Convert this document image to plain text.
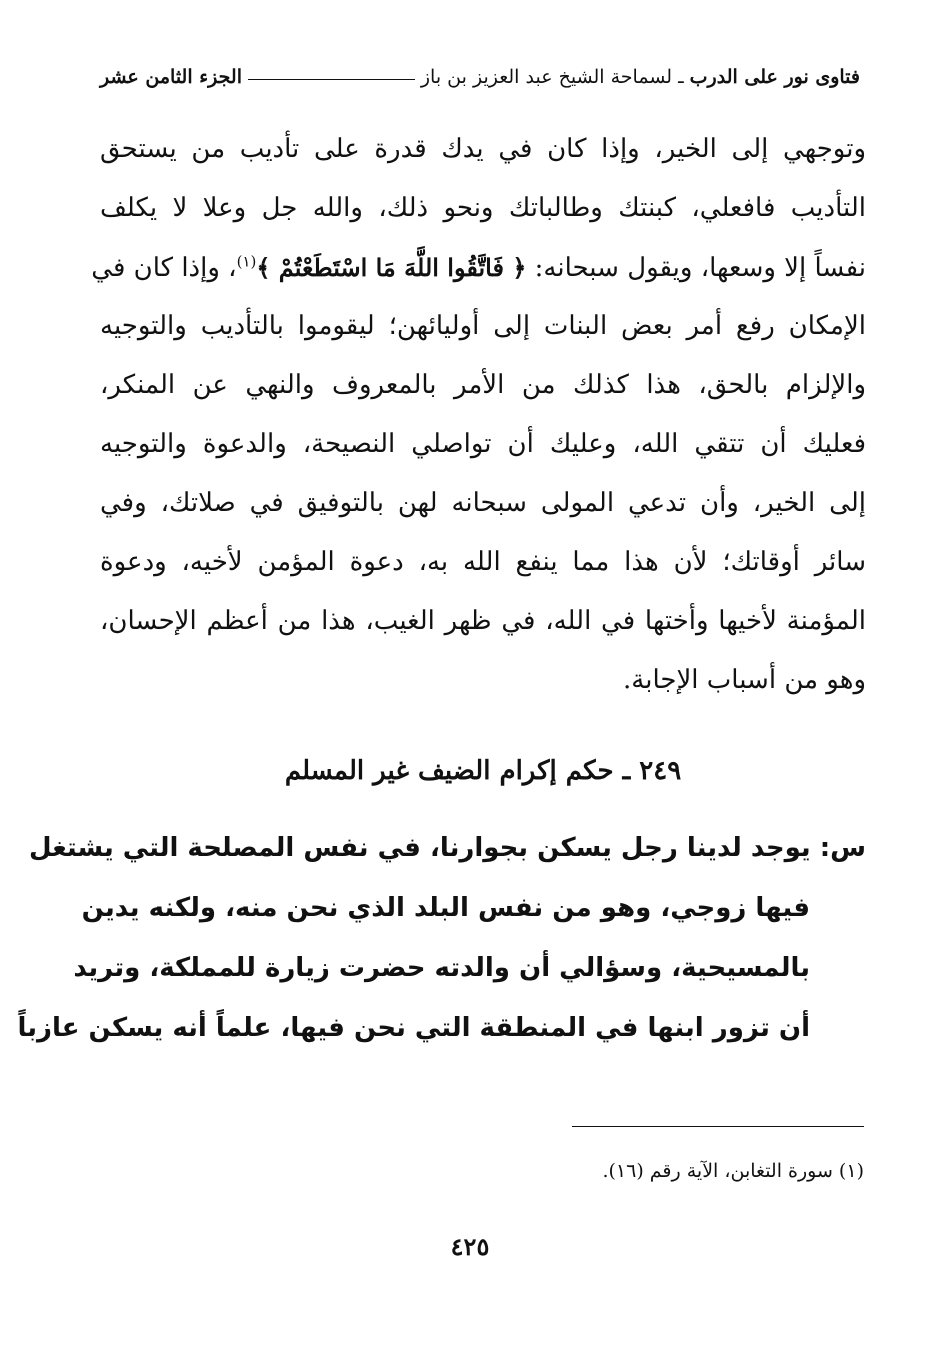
فتاوى نور على الدرب
ـ
لسماحة الشيخ عبد العزيز بن باز
الجزء الثامن عشر
وتوجهي إلى الخير، وإذا كان في يدك قدرة على تأديب من يستحق
التأديب فافعلي، كبنتك وطالباتك ونحو ذلك، والله جل وعلا لا يكلف
نفساً إلا وسعها، ويقول سبحانه: ﴿ فَاتَّقُوا اللَّهَ مَا اسْتَطَعْتُمْ ﴾$^{(١)}$، وإذا كان في
الإمكان رفع أمر بعض البنات إلى أوليائهن؛ ليقوموا بالتأديب والتوجيه
والإلزام بالحق، هذا كذلك من الأمر بالمعروف والنهي عن المنكر،
فعليك أن تتقي الله، وعليك أن تواصلي النصيحة، والدعوة والتوجيه
إلى الخير، وأن تدعي المولى سبحانه لهن بالتوفيق في صلاتك، وفي
سائر أوقاتك؛ لأن هذا مما ينفع الله به، دعوة المؤمن لأخيه، ودعوة
المؤمنة لأخيها وأختها في الله، في ظهر الغيب، هذا من أعظم الإحسان،
وهو من أسباب الإجابة.
٢٤٩ ـ حكم إكرام الضيف غير المسلم
س: يوجد لدينا رجل يسكن بجوارنا، في نفس المصلحة التي يشتغل
فيها زوجي، وهو من نفس البلد الذي نحن منه، ولكنه يدين
بالمسيحية، وسؤالي أن والدته حضرت زيارة للمملكة، وتريد
أن تزور ابنها في المنطقة التي نحن فيها، علماً أنه يسكن عازباً
(١) سورة التغابن، الآية رقم (١٦).
٤٢٥
